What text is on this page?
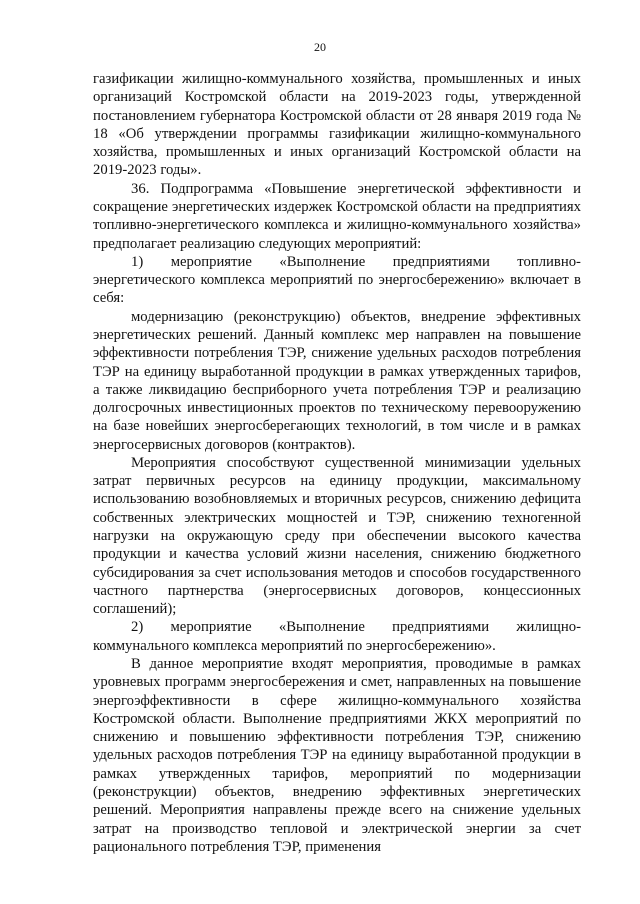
20

газификации жилищно-коммунального хозяйства, промышленных и иных организаций Костромской области на 2019-2023 годы, утвержденной постановлением губернатора Костромской области от 28 января 2019 года № 18 «Об утверждении программы газификации жилищно-коммунального хозяйства, промышленных и иных организаций Костромской области на 2019-2023 годы».

36. Подпрограмма «Повышение энергетической эффективности и сокращение энергетических издержек Костромской области на предприятиях топливно-энергетического комплекса и жилищно-коммунального хозяйства» предполагает реализацию следующих мероприятий:

1) мероприятие «Выполнение предприятиями топливно-

энергетического комплекса мероприятий по энергосбережению» включает в себя:

модернизацию (реконструкцию) объектов, внедрение эффективных энергетических решений. Данный комплекс мер направлен на повышение эффективности потребления ТЭР, снижение удельных расходов потребления ТЭР на единицу выработанной продукции в рамках утвержденных тарифов, а также ликвидацию бесприборного учета потребления ТЭР и реализацию долгосрочных инвестиционных проектов по техническому перевооружению на базе новейших энергосберегающих технологий, в том числе и в рамках энергосервисных договоров (контрактов).

Мероприятия способствуют существенной минимизации удельных затрат первичных ресурсов на единицу продукции, максимальному использованию возобновляемых и вторичных ресурсов, снижению дефицита собственных электрических мощностей и ТЭР, снижению техногенной нагрузки на окружающую среду при обеспечении высокого качества продукции и качества условий жизни населения, снижению бюджетного субсидирования за счет использования методов и способов государственного частного партнерства (энергосервисных договоров, концессионных соглашений);

2) мероприятие «Выполнение предприятиями жилищно-

коммунального комплекса мероприятий по энергосбережению».

В данное мероприятие входят мероприятия, проводимые в рамках уровневых программ энергосбережения и смет, направленных на повышение энергоэффективности в сфере жилищно-коммунального хозяйства Костромской области. Выполнение предприятиями ЖКХ мероприятий по снижению и повышению эффективности потребления ТЭР, снижению удельных расходов потребления ТЭР на единицу выработанной продукции в рамках утвержденных тарифов, мероприятий по модернизации (реконструкции) объектов, внедрению эффективных энергетических решений. Мероприятия направлены прежде всего на снижение удельных затрат на производство тепловой и электрической энергии за счет рационального потребления ТЭР, применения
